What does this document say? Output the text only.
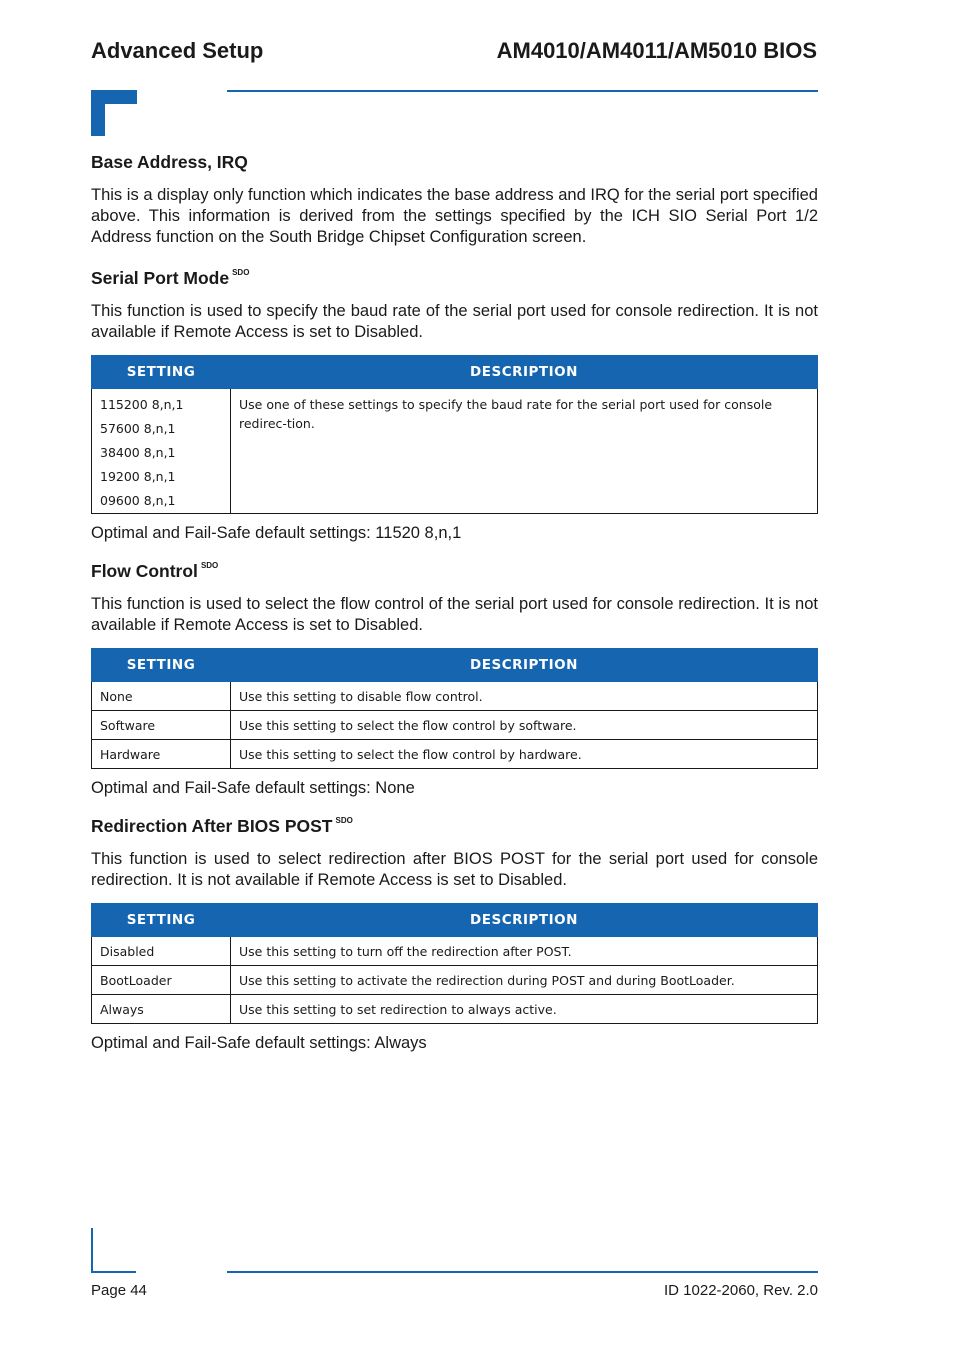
Advanced Setup	AM4010/AM4011/AM5010 BIOS
Base Address, IRQ

This is a display only function which indicates the base address and IRQ for the serial port specified above. This information is derived from the settings specified by the ICH SIO Serial Port 1/2 Address function on the South Bridge Chipset Configuration screen.

Serial Port Mode $^{SDO}$

This function is used to specify the baud rate of the serial port used for console redirection. It is not available if Remote Access is set to Disabled.

SETTING	DESCRIPTION

115200 8,n,1
57600 8,n,1
38400 8,n,1
19200 8,n,1
09600 8,n,1	Use one of these settings to specify the baud rate for the serial port used for console redirec-tion.
Optimal and Fail-Safe default settings: 11520 8,n,1
Flow Control $^{SDO}$

This function is used to select the flow control of the serial port used for console redirection. It is not available if Remote Access is set to Disabled.

SETTING	DESCRIPTION
None	Use this setting to disable flow control.
Software	Use this setting to select the flow control by software.
Hardware	Use this setting to select the flow control by hardware.
Optimal and Fail-Safe default settings: None
Redirection After BIOS POST $^{SDO}$

This function is used to select redirection after BIOS POST for the serial port used for console redirection. It is not available if Remote Access is set to Disabled.

SETTING	DESCRIPTION
Disabled	Use this setting to turn off the redirection after POST.
BootLoader	Use this setting to activate the redirection during POST and during BootLoader.
Always	Use this setting to set redirection to always active.
Optimal and Fail-Safe default settings: Always
Page 44	ID 1022-2060, Rev. 2.0
